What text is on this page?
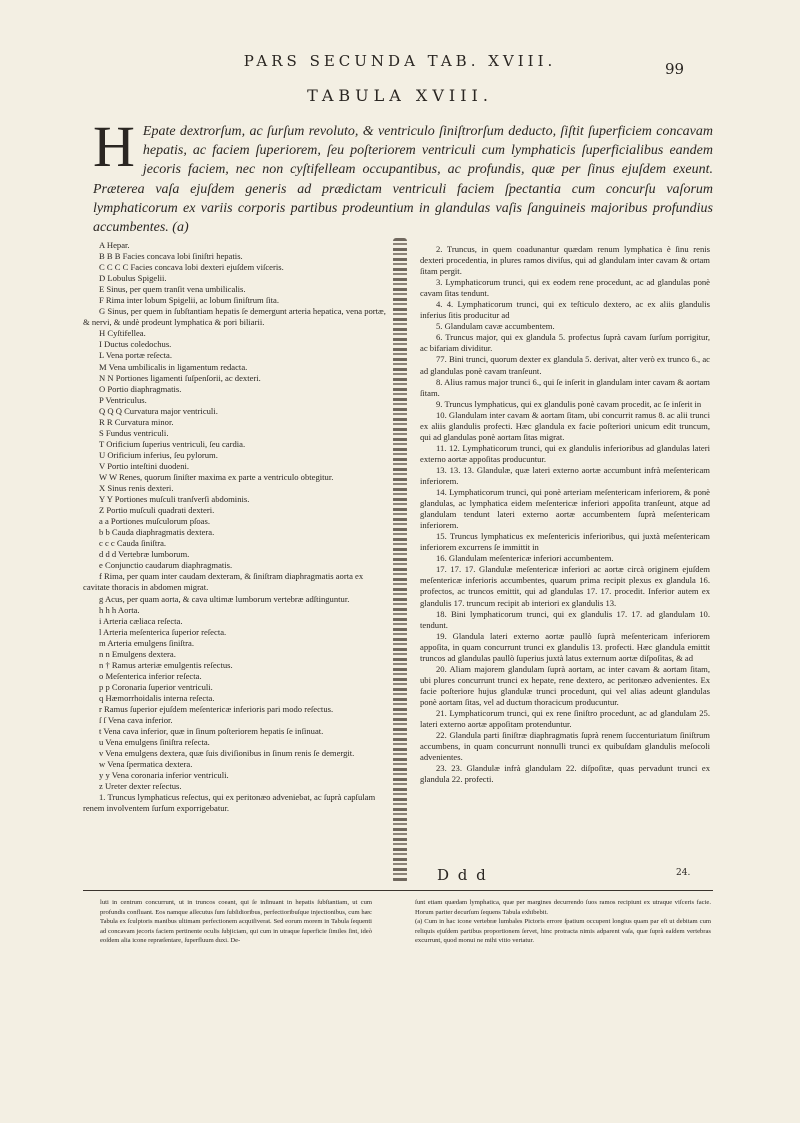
PARS SECUNDA TAB. XVIII.	99
TABULA XVIII.
H Epate dextrorſum, ac ſurſum revoluto, & ventriculo ſiniſtrorſum deducto, ſiſtit ſuperficiem concavam hepatis, ac faciem ſuperiorem, ſeu poſteriorem ventriculi cum lymphaticis ſuperficialibus eandem jecoris faciem, nec non cyſtifelleam occupantibus, ac profundis, quæ per ſinus ejuſdem exeunt. Præterea vaſa ejuſdem generis ad prædictam ventriculi faciem ſpectantia cum concurſu vaſorum lymphaticorum ex variis corporis partibus prodeuntium in glandulas vaſis ſanguineis majoribus profundius accumbentes. (a)
A Hepar.
B B B Facies concava lobi ſiniſtri hepatis.
C C C C Facies concava lobi dexteri ejuſdem viſceris.
D Lobulus Spigelii.
E Sinus, per quem tranſit vena umbilicalis.
F Rima inter lobum Spigelii, ac lobum ſiniſtrum ſita.
G Sinus, per quem in ſubſtantiam hepatis ſe demergunt arteria hepatica, vena portæ, & nervi, & undè prodeunt lymphatica & pori biliarii.
H Cyſtifellea.
I Ductus coledochus.
L Vena portæ reſecta.
M Vena umbilicalis in ligamentum redacta.
N N Portiones ligamenti ſuſpenſorii, ac dexteri.
O Portio diaphragmatis.
P Ventriculus.
Q Q Q Curvatura major ventriculi.
R R Curvatura minor.
S Fundus ventriculi.
T Orificium ſuperius ventriculi, ſeu cardia.
U Orificium inferius, ſeu pylorum.
V Portio inteſtini duodeni.
W W Renes, quorum ſiniſter maxima ex parte a ventriculo obtegitur.
X Sinus renis dexteri.
Y Y Portiones muſculi tranſverſi abdominis.
Z Portio muſculi quadrati dexteri.
a a Portiones muſculorum pſoas.
b b Cauda diaphragmatis dextera.
c c c Cauda ſiniſtra.
d d d Vertebræ lumborum.
e Conjunctio caudarum diaphragmatis.
f Rima, per quam inter caudam dexteram, & ſiniſtram diaphragmatis aorta ex cavitate thoracis in abdomen migrat.
g Acus, per quam aorta, & cava ultimæ lumborum vertebræ adſtinguntur.
h h h Aorta.
i Arteria cæliaca reſecta.
l Arteria meſenterica ſuperior reſecta.
m Arteria emulgens ſiniſtra.
n n Emulgens dextera.
n † Ramus arteriæ emulgentis reſectus.
o Meſenterica inferior reſecta.
p p Coronaria ſuperior ventriculi.
q Hæmorrhoidalis interna reſecta.
r Ramus ſuperior ejuſdem meſentericæ inferioris pari modo reſectus.
ſ ſ Vena cava inferior.
t Vena cava inferior, quæ in ſinum poſteriorem hepatis ſe inſinuat.
u Vena emulgens ſiniſtra reſecta.
v Vena emulgens dextera, quæ ſuis diviſionibus in ſinum renis ſe demergit.
w Vena ſpermatica dextera.
y y Vena coronaria inferior ventriculi.
z Ureter dexter reſectus.
1. Truncus lymphaticus reſectus, qui ex peritonæo adveniebat, ac ſuprà capſulam renem involventem ſurſum exporrigebatur.
2. Truncus, in quem coadunantur quædam renum lymphatica è ſinu renis dexteri procedentia, in plures ramos diviſus, qui ad glandulam inter cavam & ortam ſitam pergit.
3. Lymphaticorum trunci, qui ex eodem rene procedunt, ac ad glandulas ponè cavam ſitas tendunt.
4. 4. Lymphaticorum trunci, qui ex teſticulo dextero, ac ex aliis glandulis inferius ſitis producitur ad
5. Glandulam cavæ accumbentem.
6. Truncus major, qui ex glandula 5. profectus ſuprà cavam ſurſum porrigitur, ac bifariam dividitur.
77. Bini trunci, quorum dexter ex glandula 5. derivat, alter verò ex trunco 6., ac ad glandulas ponè cavam tranſeunt.
8. Alius ramus major trunci 6., qui ſe inſerit in glandulam inter cavam & aortam ſitam.
9. Truncus lymphaticus, qui ex glandulis ponè cavam procedit, ac ſe inſerit in
10. Glandulam inter cavam & aortam ſitam, ubi concurrit ramus 8. ac alii trunci ex aliis glandulis profecti. Hæc glandula ex facie poſteriori unicum edit truncum, qui ad glandulas ponè aortam ſitas migrat.
11. 12. Lymphaticorum trunci, qui ex glandulis inferioribus ad glandulas lateri externo aortæ appoſitas producuntur.
13. 13. 13. Glandulæ, quæ lateri externo aortæ accumbunt infrà meſentericam inferiorem.
14. Lymphaticorum trunci, qui ponè arteriam meſentericam inferiorem, & ponè glandulas, ac lymphatica eidem meſentericæ inferiori appoſita tranſeunt, atque ad glandulam tendunt lateri externo aortæ accumbentem ſuprà meſentericam inferiorem.
15. Truncus lymphaticus ex meſentericis inferioribus, qui juxtà meſentericam inferiorem excurrens ſe immittit in
16. Glandulam meſentericæ inferiori accumbentem.
17. 17. 17. Glandulæ meſentericæ inferiori ac aortæ circà originem ejuſdem meſentericæ inferioris accumbentes, quarum prima recipit plexus ex glandula 16. profectos, ac truncos emittit, qui ad glandulas 17. 17. procedit. Inferior autem ex glandulis 17. truncum recipit ab interiori ex glandulis 13.
18. Bini lymphaticorum trunci, qui ex glandulis 17. 17. ad glandulam 10. tendunt.
19. Glandula lateri externo aortæ paullò ſuprà meſentericam inferiorem appoſita, in quam concurrunt trunci ex glandulis 13. profecti. Hæc glandula emittit truncos ad glandulas paullò ſuperius juxtà latus externum aortæ diſpoſitas, & ad
20. Aliam majorem glandulam ſuprà aortam, ac inter cavam & aortam ſitam, ubi plures concurrunt trunci ex hepate, rene dextero, ac peritonæo advenientes. Ex facie poſteriore hujus glandulæ trunci procedunt, qui vel alias adeunt glandulas ponè aortam ſitas, vel ad ductum thoracicum producuntur.
21. Lymphaticorum trunci, qui ex rene ſiniſtro procedunt, ac ad glandulam 25. lateri externo aortæ appoſitam protenduntur.
22. Glandula parti ſiniſtræ diaphragmatis ſuprà renem ſuccenturiatum ſiniſtrum accumbens, in quam concurrunt nonnulli trunci ex quibuſdam glandulis meſocoli advenientes.
23. 23. Glandulæ infrà glandulam 22. diſpoſitæ, quas pervadunt trunci ex glandula 22. profecti.
D d d	24.
luti in centrum concurrunt, ut in truncos coeant, qui ſe inſinuant in hepatis ſubſtantiam, ut cum profundis confluant. Eos namque aſſecutus ſum ſubſidioribus, perfectioribuſque injectionibus, cum hæc Tabula ex ſculptoris manibus ultimam perfectionem acquiſiverat. Sed eorum morem in Tabula ſequenti ad concavam jecoris faciem pertinente oculis ſubjiciam, qui cum in utraque ſuperficie ſimiles ſint, ideò eoſdem alia icone repræſentare, ſuperfluum duxi. De-
ſunt etiam quædam lymphatica, quæ per margines decurrendo ſuos ramos recipiunt ex utraque viſceris facie. Horum pariter decurſum ſequens Tabula exhibebit.
(a) Cum in hac icone vertebræ lumbales Pictoris errore ſpatium occupent longius quam par eſt ut debitam cum reliquis ejuſdem partibus proportionem ſervet, hinc protracta nimis adparent vaſa, quæ ſuprà eaſdem vertebras excurrunt, quod monui ne mihi vitio vertatur.
